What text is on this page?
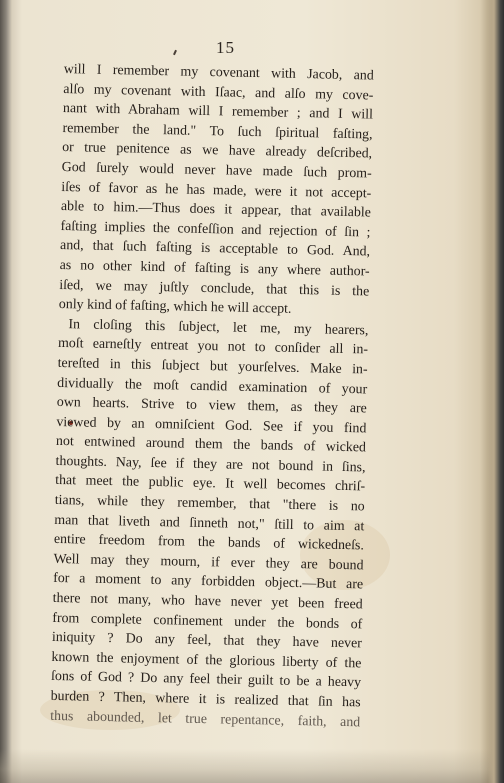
15
will I remember my covenant with Jacob, and
alſo my covenant with Iſaac, and alſo my cove-
nant with Abraham will I remember ; and I will
remember the land." To ſuch ſpiritual faſting,
or true penitence as we have already deſcribed,
God ſurely would never have made ſuch prom-
iſes of favor as he has made, were it not accept-
able to him.—Thus does it appear, that available
faſting implies the confeſſion and rejection of ſin ;
and, that ſuch faſting is acceptable to God. And,
as no other kind of faſting is any where author-
iſed, we may juſtly conclude, that this is the
only kind of faſting, which he will accept.
In cloſing this ſubject, let me, my hearers,
moſt earneſtly entreat you not to conſider all in-
tereſted in this ſubject but yourſelves. Make in-
dividually the moſt candid examination of your
own hearts. Strive to view them, as they are
viewed by an omniſcient God. See if you find
not entwined around them the bands of wicked
thoughts. Nay, ſee if they are not bound in ſins,
that meet the public eye. It well becomes chriſ-
tians, while they remember, that "there is no
man that liveth and ſinneth not," ſtill to aim at
entire freedom from the bands of wickedneſs.
Well may they mourn, if ever they are bound
for a moment to any forbidden object.—But are
there not many, who have never yet been freed
from complete confinement under the bonds of
iniquity ? Do any feel, that they have never
known the enjoyment of the glorious liberty of the
ſons of God ? Do any feel their guilt to be a heavy
burden ? Then, where it is realized that ſin has
thus abounded, let true repentance, faith, and
